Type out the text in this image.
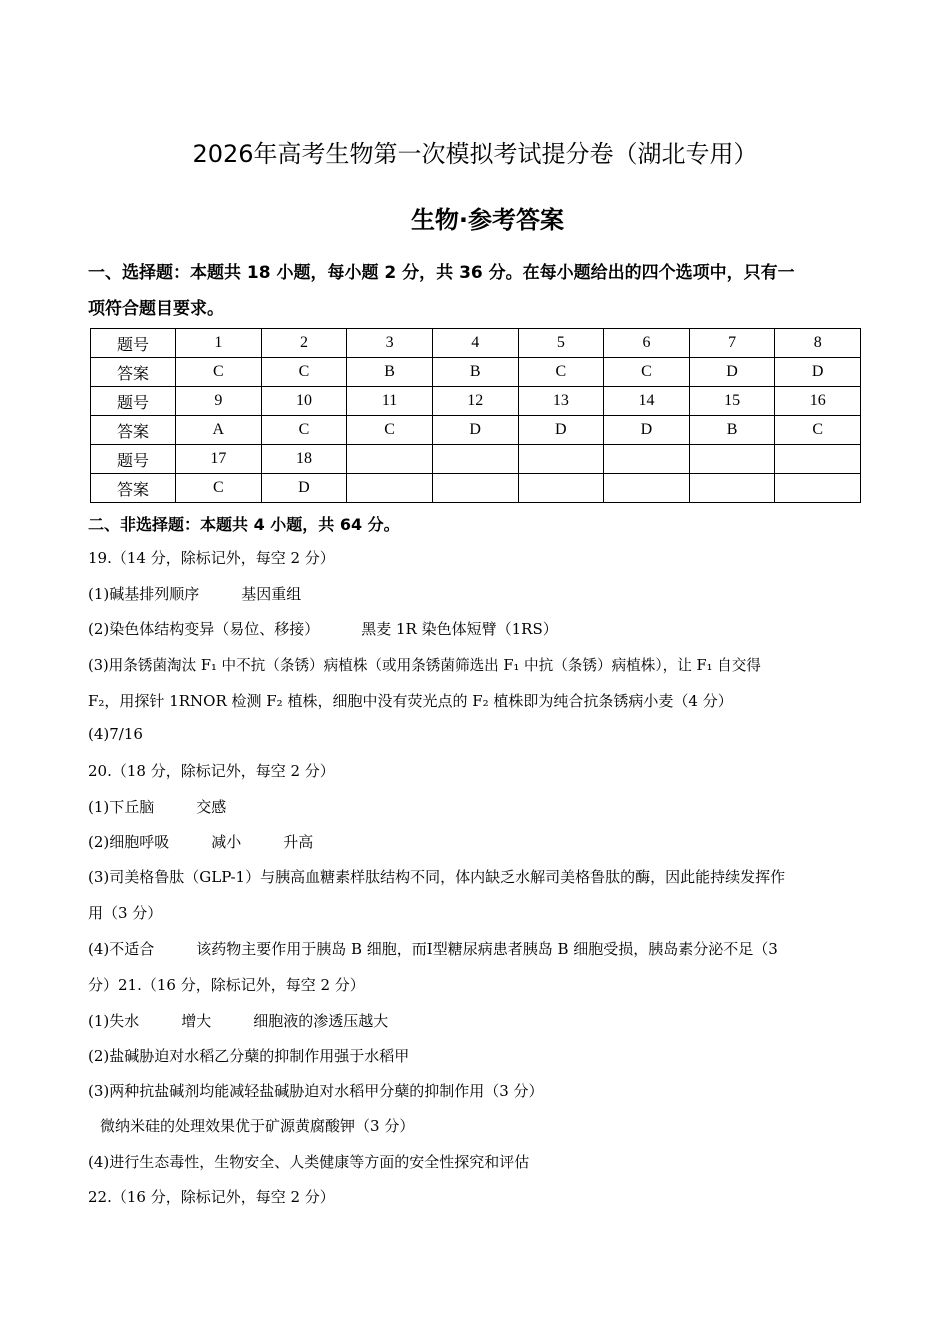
2026年高考生物第一次模拟考试提分卷（湖北专用）
生物·参考答案
一、选择题：本题共 18 小题，每小题 2 分，共 36 分。在每小题给出的四个选项中，只有一
项符合题目要求。
题号	1	2	3	4	5	6	7	8
答案	C	C	B	B	C	C	D	D
题号	9	10	11	12	13	14	15	16
答案	A	C	C	D	D	D	B	C
题号	17	18						
答案	C	D						
二、非选择题：本题共 4 小题，共 64 分。
19.（14 分，除标记外，每空 2 分）
(1)碱基排列顺序	基因重组
(2)染色体结构变异（易位、移接）	黑麦 1R 染色体短臂（1RS）
(3)用条锈菌淘汰 F₁ 中不抗（条锈）病植株（或用条锈菌筛选出 F₁ 中抗（条锈）病植株），让 F₁ 自交得
F₂，用探针 1RNOR 检测 F₂ 植株，细胞中没有荧光点的 F₂ 植株即为纯合抗条锈病小麦（4 分）
(4)7/16
20.（18 分，除标记外，每空 2 分）
(1)下丘脑	交感
(2)细胞呼吸	减小	升高
(3)司美格鲁肽（GLP-1）与胰高血糖素样肽结构不同，体内缺乏水解司美格鲁肽的酶，因此能持续发挥作
用（3 分）
(4)不适合	该药物主要作用于胰岛 B 细胞，而Ⅰ型糖尿病患者胰岛 B 细胞受损，胰岛素分泌不足（3
分）21.（16 分，除标记外，每空 2 分）
(1)失水	增大	细胞液的渗透压越大
(2)盐碱胁迫对水稻乙分蘖的抑制作用强于水稻甲
(3)两种抗盐碱剂均能减轻盐碱胁迫对水稻甲分蘖的抑制作用（3 分）
微纳米硅的处理效果优于矿源黄腐酸钾（3 分）
(4)进行生态毒性，生物安全、人类健康等方面的安全性探究和评估
22.（16 分，除标记外，每空 2 分）
